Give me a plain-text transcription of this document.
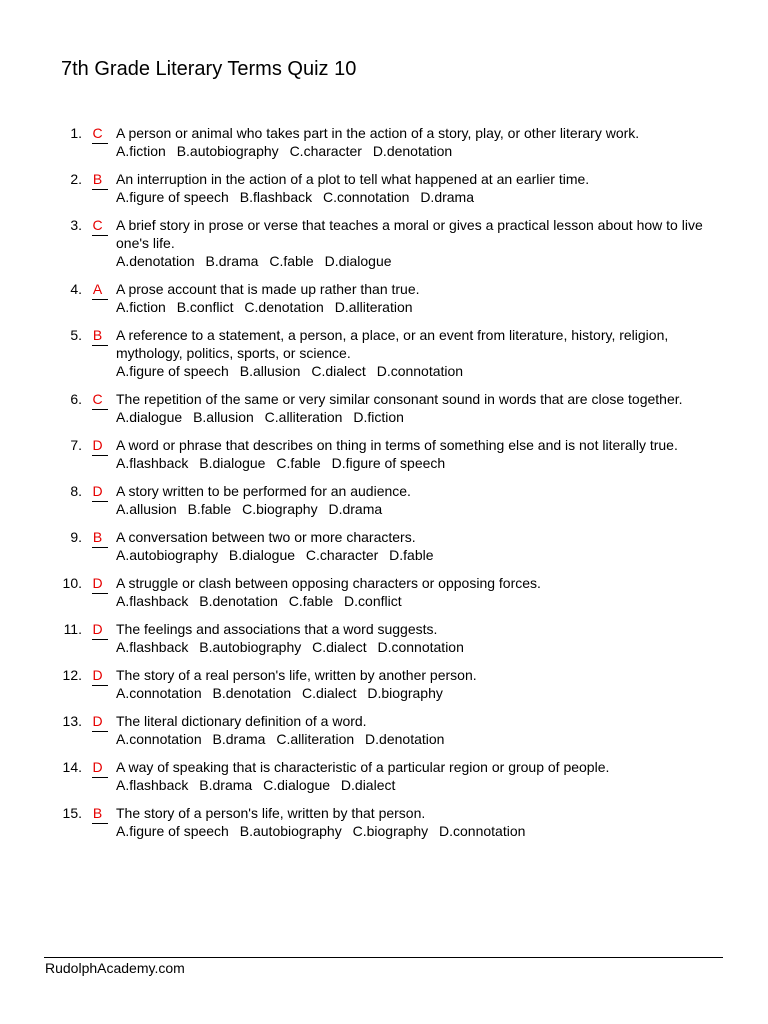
7th Grade Literary Terms Quiz 10
1. C A person or animal who takes part in the action of a story, play, or other literary work.
A.fiction B.autobiography C.character D.denotation
2. B An interruption in the action of a plot to tell what happened at an earlier time.
A.figure of speech B.flashback C.connotation D.drama
3. C A brief story in prose or verse that teaches a moral or gives a practical lesson about how to live one's life.
A.denotation B.drama C.fable D.dialogue
4. A A prose account that is made up rather than true.
A.fiction B.conflict C.denotation D.alliteration
5. B A reference to a statement, a person, a place, or an event from literature, history, religion, mythology, politics, sports, or science.
A.figure of speech B.allusion C.dialect D.connotation
6. C The repetition of the same or very similar consonant sound in words that are close together.
A.dialogue B.allusion C.alliteration D.fiction
7. D A word or phrase that describes on thing in terms of something else and is not literally true.
A.flashback B.dialogue C.fable D.figure of speech
8. D A story written to be performed for an audience.
A.allusion B.fable C.biography D.drama
9. B A conversation between two or more characters.
A.autobiography B.dialogue C.character D.fable
10. D A struggle or clash between opposing characters or opposing forces.
A.flashback B.denotation C.fable D.conflict
11. D The feelings and associations that a word suggests.
A.flashback B.autobiography C.dialect D.connotation
12. D The story of a real person's life, written by another person.
A.connotation B.denotation C.dialect D.biography
13. D The literal dictionary definition of a word.
A.connotation B.drama C.alliteration D.denotation
14. D A way of speaking that is characteristic of a particular region or group of people.
A.flashback B.drama C.dialogue D.dialect
15. B The story of a person's life, written by that person.
A.figure of speech B.autobiography C.biography D.connotation
RudolphAcademy.com
